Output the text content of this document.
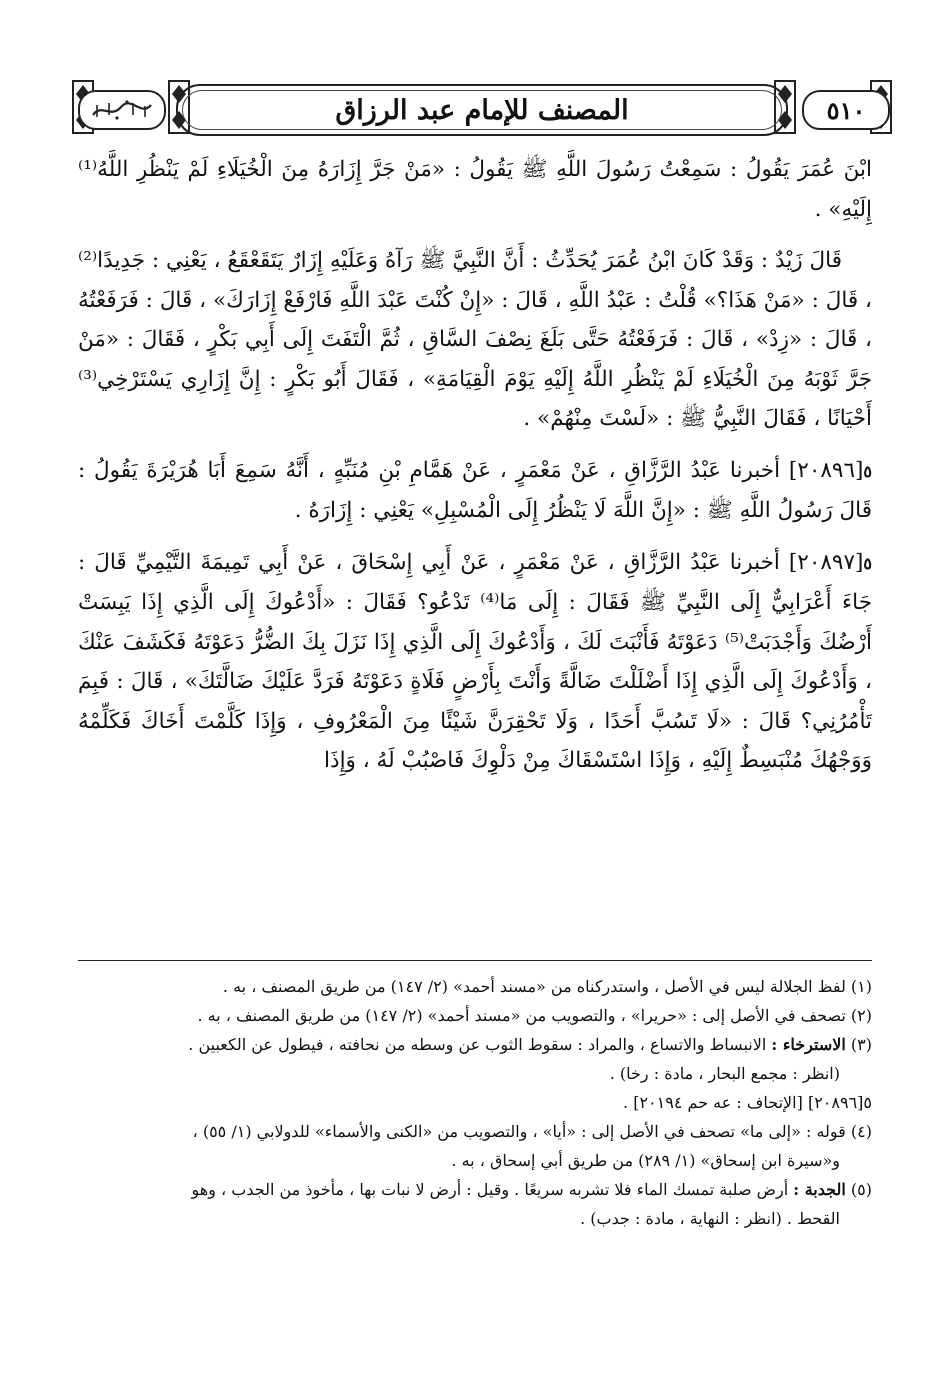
٥١٠
المصنف للإمام عبد الرزاق

ابْنَ عُمَرَ يَقُولُ : سَمِعْتُ رَسُولَ اللَّهِ ﷺ يَقُولُ : «مَنْ جَرَّ إِزَارَهُ مِنَ الْخُيَلَاءِ لَمْ يَنْظُرِ اللَّهُ⁽¹⁾ إِلَيْهِ» .

قَالَ زَيْدٌ : وَقَدْ كَانَ ابْنُ عُمَرَ يُحَدِّثُ : أَنَّ النَّبِيَّ ﷺ رَآهُ وَعَلَيْهِ إِزَارٌ يَتَقَعْقَعُ ، يَعْنِي : جَدِيدًا⁽²⁾ ، قَالَ : «مَنْ هَذَا؟» قُلْتُ : عَبْدُ اللَّهِ ، قَالَ : «إِنْ كُنْتَ عَبْدَ اللَّهِ فَارْفَعْ إِزَارَكَ» ، قَالَ : فَرَفَعْتُهُ ، قَالَ : «زِدْ» ، قَالَ : فَرَفَعْتُهُ حَتَّى بَلَغَ نِصْفَ السَّاقِ ، ثُمَّ الْتَفَتَ إِلَى أَبِي بَكْرٍ ، فَقَالَ : «مَنْ جَرَّ ثَوْبَهُ مِنَ الْخُيَلَاءِ لَمْ يَنْظُرِ اللَّهُ إِلَيْهِ يَوْمَ الْقِيَامَةِ» ، فَقَالَ أَبُو بَكْرٍ : إِنَّ إِزَارِي يَسْتَرْخِي⁽³⁾ أَحْيَانًا ، فَقَالَ النَّبِيُّ ﷺ : «لَسْتَ مِنْهُمْ» .

٥[٢٠٨٩٦] أخبرنا عَبْدُ الرَّزَّاقِ ، عَنْ مَعْمَرٍ ، عَنْ هَمَّامِ بْنِ مُنَبِّهٍ ، أَنَّهُ سَمِعَ أَبَا هُرَيْرَةَ يَقُولُ : قَالَ رَسُولُ اللَّهِ ﷺ : «إِنَّ اللَّهَ لَا يَنْظُرُ إِلَى الْمُسْبِلِ» يَعْنِي : إِزَارَهُ .

٥[٢٠٨٩٧] أخبرنا عَبْدُ الرَّزَّاقِ ، عَنْ مَعْمَرٍ ، عَنْ أَبِي إِسْحَاقَ ، عَنْ أَبِي تَمِيمَةَ التَّيْمِيِّ قَالَ : جَاءَ أَعْرَابِيٌّ إِلَى النَّبِيِّ ﷺ فَقَالَ : إِلَى مَا⁽⁴⁾ تَدْعُو؟ فَقَالَ : «أَدْعُوكَ إِلَى الَّذِي إِذَا يَبِسَتْ أَرْضُكَ وَأَجْدَبَتْ⁽⁵⁾ دَعَوْتَهُ فَأَنْبَتَ لَكَ ، وَأَدْعُوكَ إِلَى الَّذِي إِذَا نَزَلَ بِكَ الضُّرُّ دَعَوْتَهُ فَكَشَفَ عَنْكَ ، وَأَدْعُوكَ إِلَى الَّذِي إِذَا أَضْلَلْتَ ضَالَّةً وَأَنْتَ بِأَرْضٍ فَلَاةٍ دَعَوْتَهُ فَرَدَّ عَلَيْكَ ضَالَّتَكَ» ، قَالَ : فَبِمَ تَأْمُرُنِي؟ قَالَ : «لَا تَسُبَّ أَحَدًا ، وَلَا تَحْقِرَنَّ شَيْئًا مِنَ الْمَعْرُوفِ ، وَإِذَا كَلَّمْتَ أَخَاكَ فَكَلِّمْهُ وَوَجْهُكَ مُنْبَسِطٌ إِلَيْهِ ، وَإِذَا اسْتَسْقَاكَ مِنْ دَلْوِكَ فَاصْبُبْ لَهُ ، وَإِذَا

(١) لفظ الجلالة ليس في الأصل ، واستدركناه من «مسند أحمد» (٢/ ١٤٧) من طريق المصنف ، به .

(٢) تصحف في الأصل إلى : «حريرا» ، والتصويب من «مسند أحمد» (٢/ ١٤٧) من طريق المصنف ، به .

(٣) الاسترخاء : الانبساط والاتساع ، والمراد : سقوط الثوب عن وسطه من نحافته ، فيطول عن الكعبين .
(انظر : مجمع البحار ، مادة : رخا) .

٥[٢٠٨٩٦] [الإتحاف : عه حم ٢٠١٩٤] .

(٤) قوله : «إلى ما» تصحف في الأصل إلى : «أيا» ، والتصويب من «الكنى والأسماء» للدولابي (١/ ٥٥) ،
و«سيرة ابن إسحاق» (١/ ٢٨٩) من طريق أبي إسحاق ، به .

(٥) الجدبة : أرض صلبة تمسك الماء فلا تشربه سريعًا . وقيل : أرض لا نبات بها ، مأخوذ من الجدب ، وهو
القحط . (انظر : النهاية ، مادة : جدب) .
